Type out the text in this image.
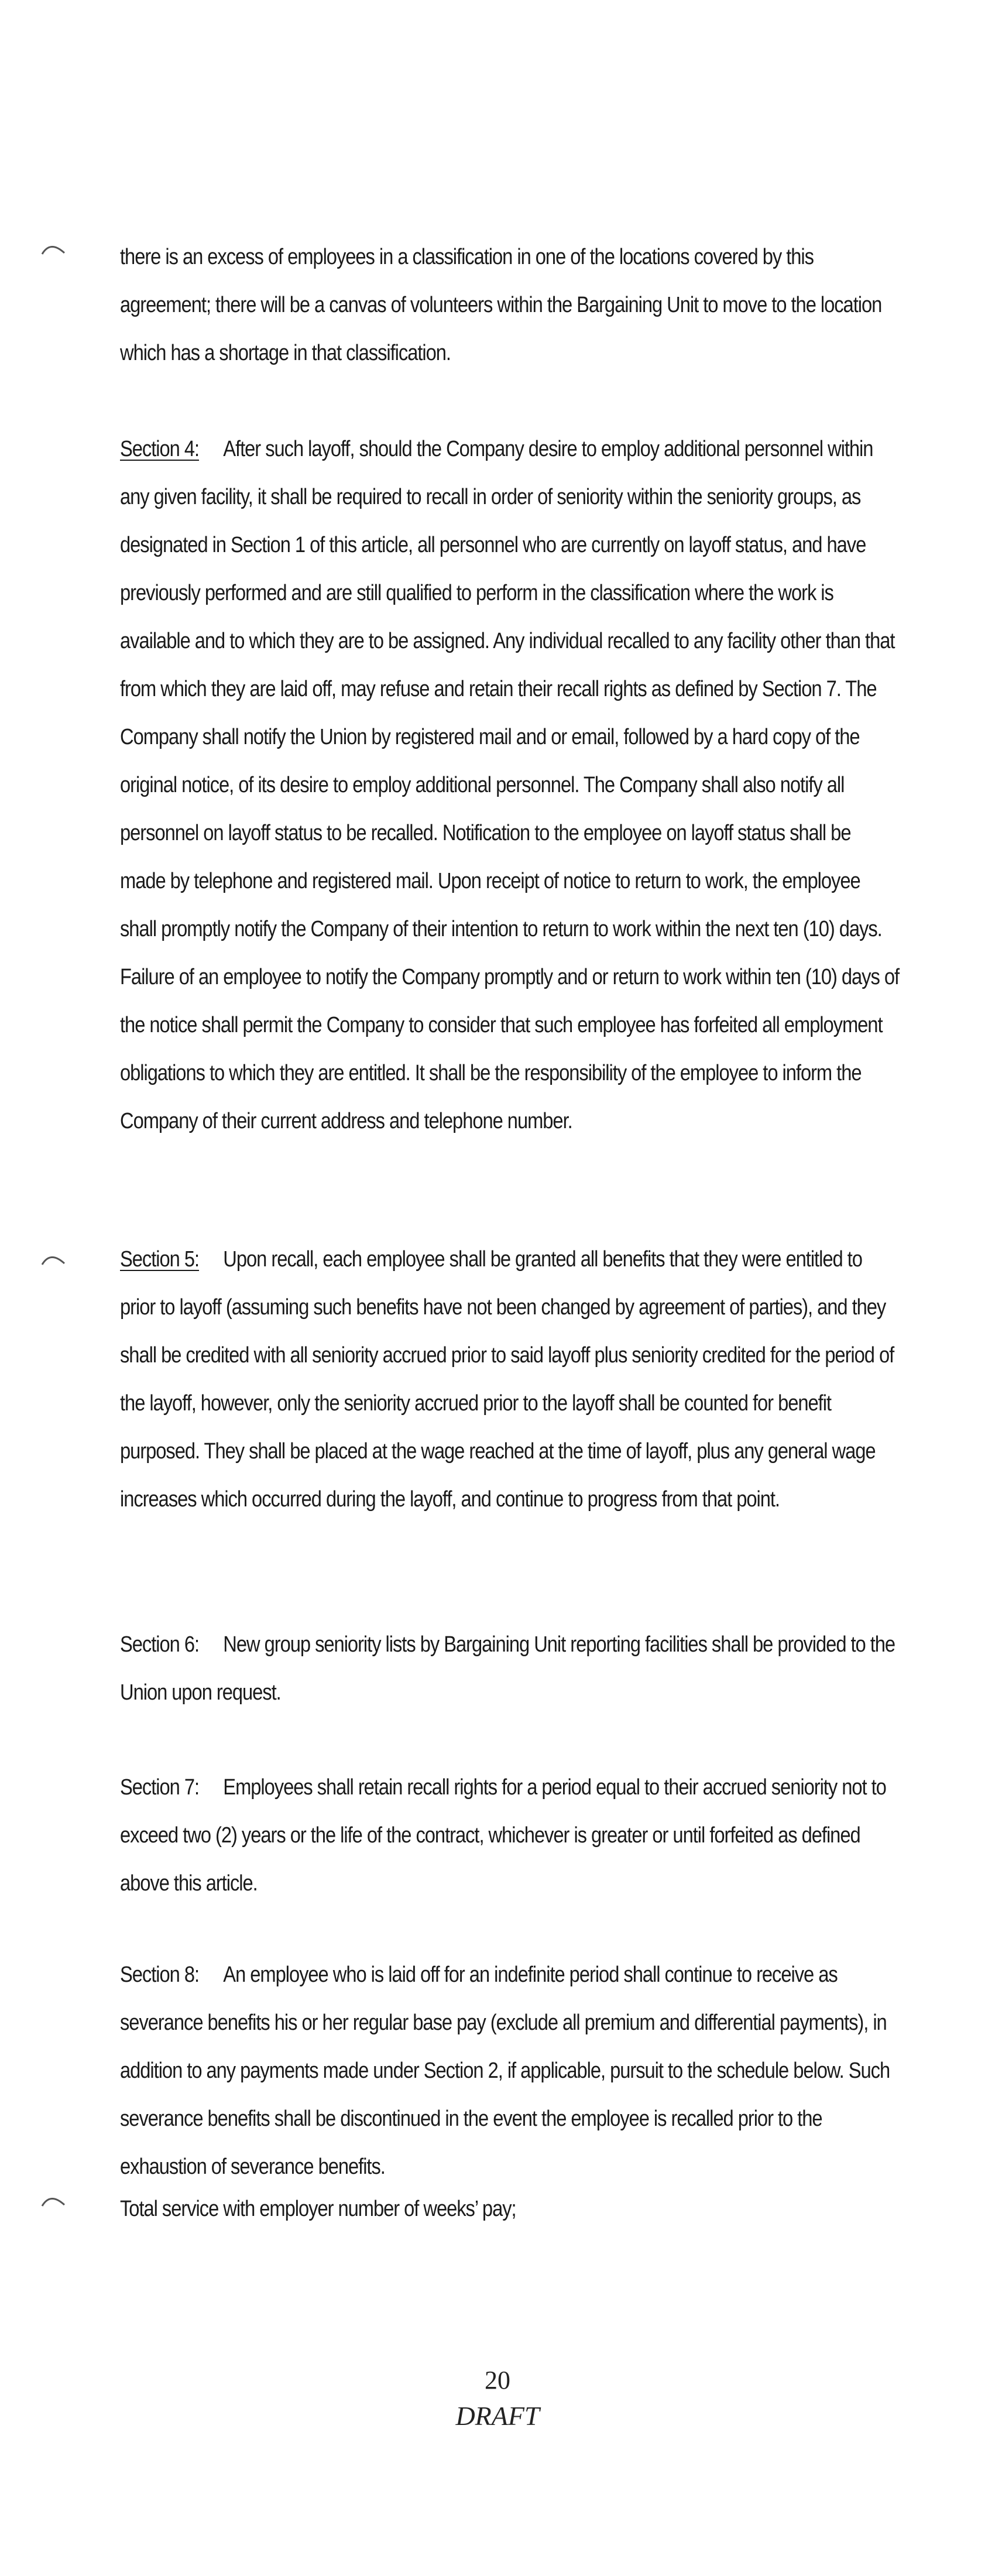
there is an excess of employees in a classification in one of the locations covered by this agreement; there will be a canvas of volunteers within the Bargaining Unit to move to the location which has a shortage in that classification.

Section 4: After such layoff, should the Company desire to employ additional personnel within any given facility, it shall be required to recall in order of seniority within the seniority groups, as designated in Section 1 of this article, all personnel who are currently on layoff status, and have previously performed and are still qualified to perform in the classification where the work is available and to which they are to be assigned. Any individual recalled to any facility other than that from which they are laid off, may refuse and retain their recall rights as defined by Section 7. The Company shall notify the Union by registered mail and or email, followed by a hard copy of the original notice, of its desire to employ additional personnel. The Company shall also notify all personnel on layoff status to be recalled. Notification to the employee on layoff status shall be made by telephone and registered mail. Upon receipt of notice to return to work, the employee shall promptly notify the Company of their intention to return to work within the next ten (10) days. Failure of an employee to notify the Company promptly and or return to work within ten (10) days of the notice shall permit the Company to consider that such employee has forfeited all employment obligations to which they are entitled. It shall be the responsibility of the employee to inform the Company of their current address and telephone number.

Section 5: Upon recall, each employee shall be granted all benefits that they were entitled to prior to layoff (assuming such benefits have not been changed by agreement of parties), and they shall be credited with all seniority accrued prior to said layoff plus seniority credited for the period of the layoff, however, only the seniority accrued prior to the layoff shall be counted for benefit purposed. They shall be placed at the wage reached at the time of layoff, plus any general wage increases which occurred during the layoff, and continue to progress from that point.

Section 6: New group seniority lists by Bargaining Unit reporting facilities shall be provided to the Union upon request.

Section 7: Employees shall retain recall rights for a period equal to their accrued seniority not to exceed two (2) years or the life of the contract, whichever is greater or until forfeited as defined above this article.

Section 8: An employee who is laid off for an indefinite period shall continue to receive as severance benefits his or her regular base pay (exclude all premium and differential payments), in addition to any payments made under Section 2, if applicable, pursuit to the schedule below. Such severance benefits shall be discontinued in the event the employee is recalled prior to the exhaustion of severance benefits.

Total service with employer number of weeks’ pay;

20
DRAFT
